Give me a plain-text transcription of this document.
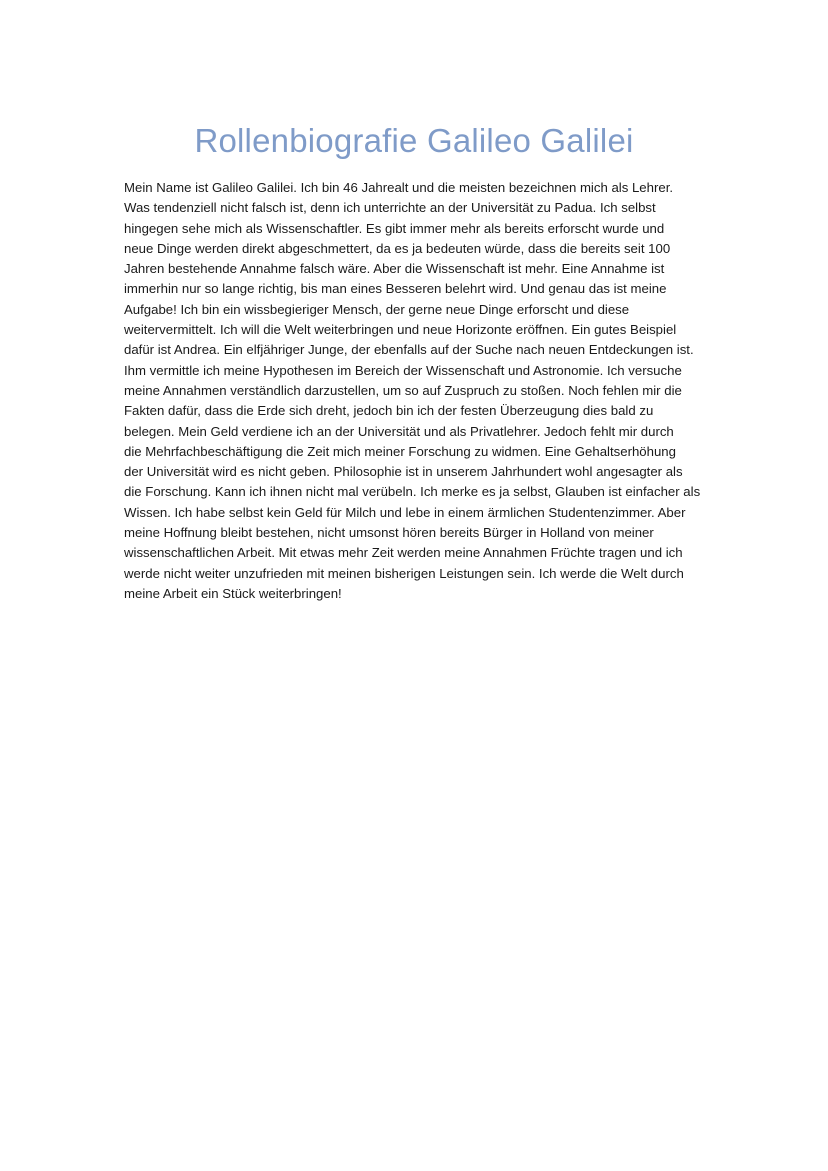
Rollenbiografie Galileo Galilei
Mein Name ist Galileo Galilei. Ich bin 46 Jahrealt und die meisten bezeichnen mich als Lehrer.
Was tendenziell nicht falsch ist, denn ich unterrichte an der Universität zu Padua. Ich selbst
hingegen sehe mich als Wissenschaftler. Es gibt immer mehr als bereits erforscht wurde und
neue Dinge werden direkt abgeschmettert, da es ja bedeuten würde, dass die bereits seit 100
Jahren bestehende Annahme falsch wäre. Aber die Wissenschaft ist mehr. Eine Annahme ist
immerhin nur so lange richtig, bis man eines Besseren belehrt wird. Und genau das ist meine
Aufgabe! Ich bin ein wissbegieriger Mensch, der gerne neue Dinge erforscht und diese
weitervermittelt. Ich will die Welt weiterbringen und neue Horizonte eröffnen. Ein gutes Beispiel
dafür ist Andrea. Ein elfjähriger Junge, der ebenfalls auf der Suche nach neuen Entdeckungen ist.
Ihm vermittle ich meine Hypothesen im Bereich der Wissenschaft und Astronomie. Ich versuche
meine Annahmen verständlich darzustellen, um so auf Zuspruch zu stoßen. Noch fehlen mir die
Fakten dafür, dass die Erde sich dreht, jedoch bin ich der festen Überzeugung dies bald zu
belegen. Mein Geld verdiene ich an der Universität und als Privatlehrer. Jedoch fehlt mir durch
die Mehrfachbeschäftigung die Zeit mich meiner Forschung zu widmen. Eine Gehaltserhöhung
der Universität wird es nicht geben. Philosophie ist in unserem Jahrhundert wohl angesagter als
die Forschung. Kann ich ihnen nicht mal verübeln. Ich merke es ja selbst, Glauben ist einfacher als
Wissen. Ich habe selbst kein Geld für Milch und lebe in einem ärmlichen Studentenzimmer. Aber
meine Hoffnung bleibt bestehen, nicht umsonst hören bereits Bürger in Holland von meiner
wissenschaftlichen Arbeit. Mit etwas mehr Zeit werden meine Annahmen Früchte tragen und ich
werde nicht weiter unzufrieden mit meinen bisherigen Leistungen sein. Ich werde die Welt durch
meine Arbeit ein Stück weiterbringen!
